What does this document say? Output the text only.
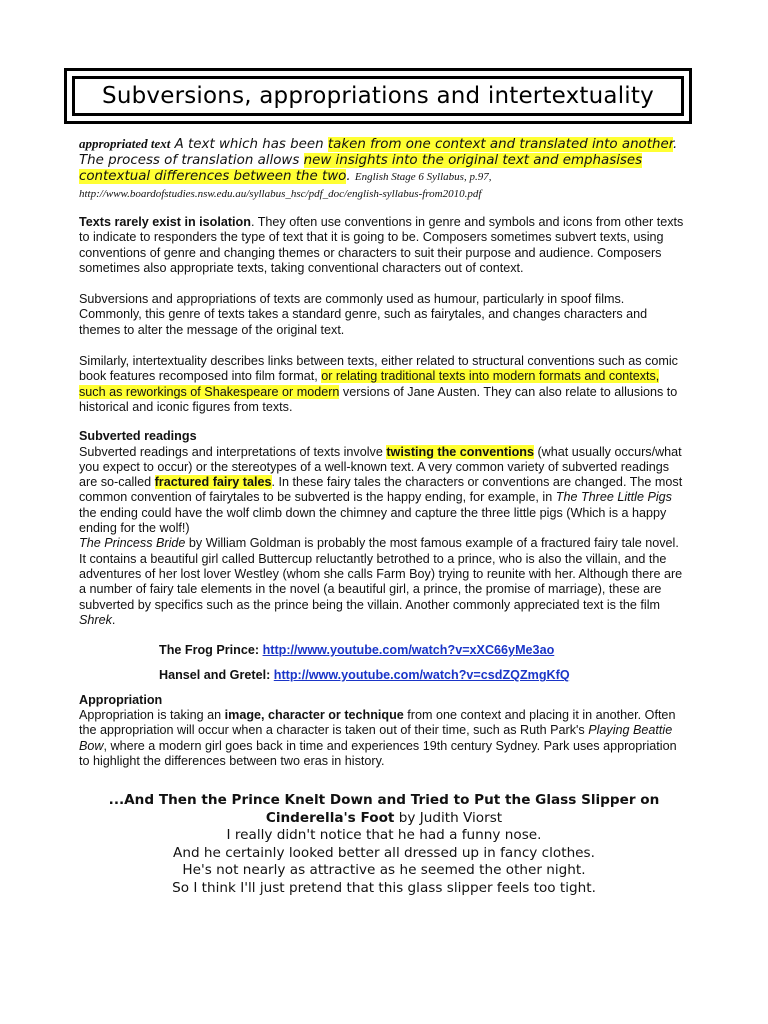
Subversions, appropriations and intertextuality

appropriated text A text which has been taken from one context and translated into another. The process of translation allows new insights into the original text and emphasises contextual differences between the two. English Stage 6 Syllabus, p.97,
http://www.boardofstudies.nsw.edu.au/syllabus_hsc/pdf_doc/english-syllabus-from2010.pdf

Texts rarely exist in isolation. They often use conventions in genre and symbols and icons from other texts to indicate to responders the type of text that it is going to be. Composers sometimes subvert texts, using conventions of genre and changing themes or characters to suit their purpose and audience. Composers sometimes also appropriate texts, taking conventional characters out of context.

Subversions and appropriations of texts are commonly used as humour, particularly in spoof films. Commonly, this genre of texts takes a standard genre, such as fairytales, and changes characters and themes to alter the message of the original text.

Similarly, intertextuality describes links between texts, either related to structural conventions such as comic book features recomposed into film format, or relating traditional texts into modern formats and contexts, such as reworkings of Shakespeare or modern versions of Jane Austen. They can also relate to allusions to historical and iconic figures from texts.

Subverted readings

Subverted readings and interpretations of texts involve twisting the conventions (what usually occurs/what you expect to occur) or the stereotypes of a well-known text. A very common variety of subverted readings are so-called fractured fairy tales. In these fairy tales the characters or conventions are changed. The most common convention of fairytales to be subverted is the happy ending, for example, in The Three Little Pigs the ending could have the wolf climb down the chimney and capture the three little pigs (Which is a happy ending for the wolf!)
The Princess Bride by William Goldman is probably the most famous example of a fractured fairy tale novel. It contains a beautiful girl called Buttercup reluctantly betrothed to a prince, who is also the villain, and the adventures of her lost lover Westley (whom she calls Farm Boy) trying to reunite with her. Although there are a number of fairy tale elements in the novel (a beautiful girl, a prince, the promise of marriage), these are subverted by specifics such as the prince being the villain. Another commonly appreciated text is the film Shrek.

The Frog Prince: http://www.youtube.com/watch?v=xXC66yMe3ao

Hansel and Gretel: http://www.youtube.com/watch?v=csdZQZmgKfQ

Appropriation

Appropriation is taking an image, character or technique from one context and placing it in another. Often the appropriation will occur when a character is taken out of their time, such as Ruth Park's Playing Beattie Bow, where a modern girl goes back in time and experiences 19th century Sydney. Park uses appropriation to highlight the differences between two eras in history.

...And Then the Prince Knelt Down and Tried to Put the Glass Slipper on Cinderella's Foot by Judith Viorst
I really didn't notice that he had a funny nose.
And he certainly looked better all dressed up in fancy clothes.
He's not nearly as attractive as he seemed the other night.
So I think I'll just pretend that this glass slipper feels too tight.
